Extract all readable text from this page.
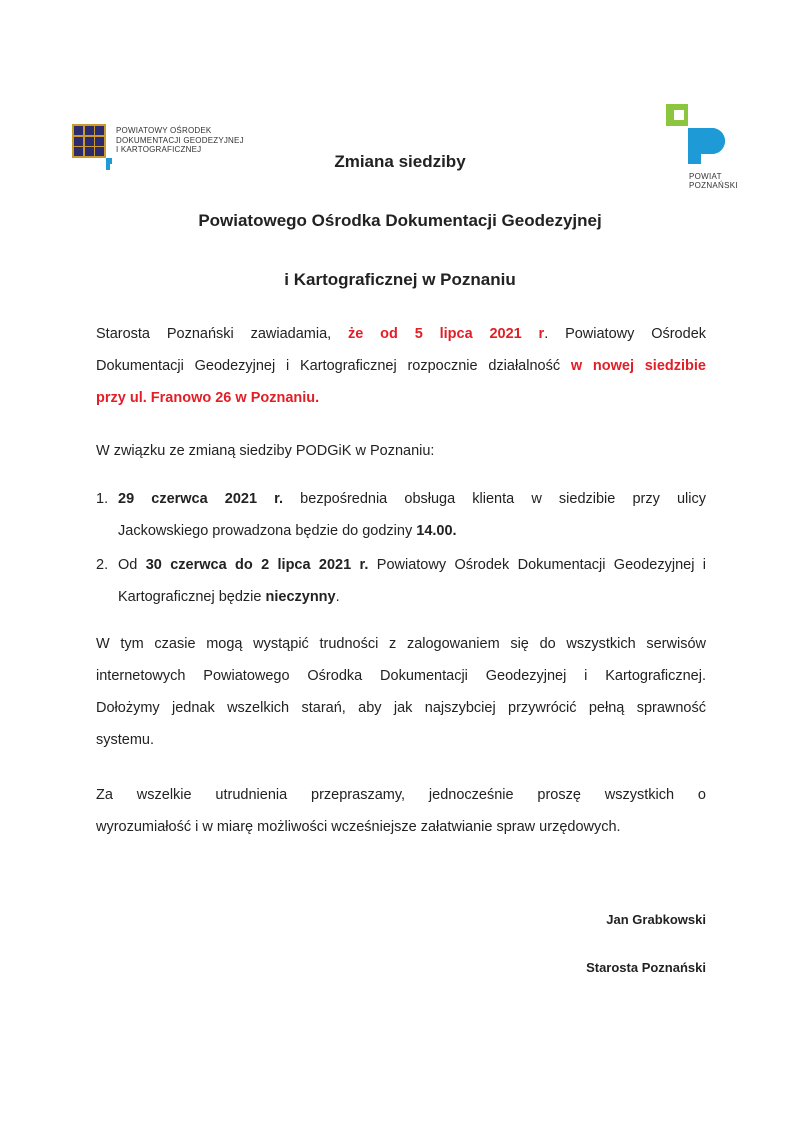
POWIATOWY OŚRODEK
DOKUMENTACJI GEODEZYJNEJ
I KARTOGRAFICZNEJ
POWIAT
POZNAŃSKI
Zmiana siedziby
Powiatowego Ośrodka Dokumentacji Geodezyjnej
i Kartograficznej w Poznaniu
Starosta Poznański zawiadamia, że od 5 lipca 2021 r. Powiatowy Ośrodek
Dokumentacji Geodezyjnej i Kartograficznej rozpocznie działalność w nowej siedzibie
przy ul. Franowo 26 w Poznaniu.
W związku ze zmianą siedziby PODGiK w Poznaniu:
1. 29 czerwca 2021 r. bezpośrednia obsługa klienta w siedzibie przy ulicy
Jackowskiego prowadzona będzie do godziny 14.00.
2. Od 30 czerwca do 2 lipca 2021 r. Powiatowy Ośrodek Dokumentacji Geodezyjnej i
Kartograficznej będzie nieczynny.
W tym czasie mogą wystąpić trudności z zalogowaniem się do wszystkich serwisów
internetowych Powiatowego Ośrodka Dokumentacji Geodezyjnej i Kartograficznej.
Dołożymy jednak wszelkich starań, aby jak najszybciej przywrócić pełną sprawność
systemu.
Za wszelkie utrudnienia przepraszamy, jednocześnie proszę wszystkich o
wyrozumiałość i w miarę możliwości wcześniejsze załatwianie spraw urzędowych.
Jan Grabkowski
Starosta Poznański
